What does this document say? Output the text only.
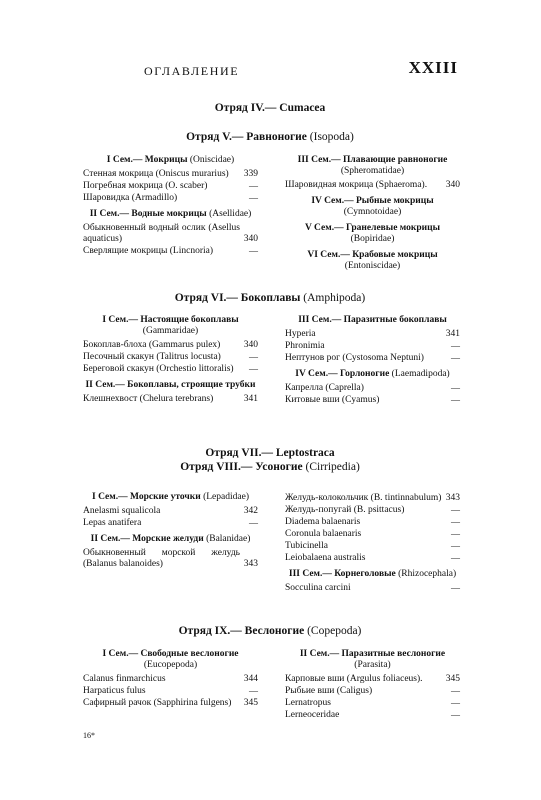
ОГЛАВЛЕНИЕ	XXIII
Отряд IV.— Cumacea
Отряд V.— Равноногие (Isopoda)
I Сем.— Мокрицы (Oniscidae)
Стенная мокрица (Oniscus murarius)	339
Погребная мокрица (O. scaber)	—
Шаровидка (Armadillo)	—
II Сем.— Водные мокрицы (Asellidae)
Обыкновенный водный ослик (Asellus aquaticus)	340
Сверлящие мокрицы (Lincnoria)	—
III Сем.— Плавающие равноногие (Spheromatidae)
Шаровидная мокрица (Sphaeroma).	340
IV Сем.— Рыбные мокрицы (Cymnotoidae)
V Сем.— Гранелевые мокрицы (Bopiridae)
VI Сем.— Крабовые мокрицы (Entoniscidae)
Отряд VI.— Бокоплавы (Amphipoda)
I Сем.— Настоящие бокоплавы (Gammaridae)
Бокоплав-блоха (Gammarus pulex)	340
Песочный скакун (Talitrus locusta)	—
Береговой скакун (Orchestio littoralis)	—
II Сем.— Бокоплавы, строящие трубки
Клешнехвост (Chelura terebrans)	341
III Сем.— Паразитные бокоплавы
Hyperia	341
Phronimia	—
Нептунов рог (Cystosoma Neptuni)	—
IV Сем.— Горлоногие (Laemadipoda)
Капрелла (Caprella)	—
Китовые вши (Cyamus)	—
Отряд VII.— Leptostraca
Отряд VIII.— Усоногие (Cirripedia)
I Сем.— Морские уточки (Lepadidae)
Anelasmi squalicola	342
Lepas anatifera	—
II Сем.— Морские желуди (Balanidae)
Обыкновенный морской желудь (Balanus balanoides)	343
Желудь-колокольчик (B. tintinnabulum) 343
Желудь-попугай (B. psittacus)	—
Diadema balaenaris	—
Coronula balaenaris	—
Tubicinella	—
Leiobalaena australis	—
III Сем.— Корнеголовые (Rhizocephala)
Socculina carcini	—
Отряд IX.— Веслоногие (Copepoda)
I Сем.— Свободные веслоногие (Eucopepoda)
Calanus finmarchicus	344
Harpaticus fulus	—
Сафирный рачок (Sapphirina fulgens)	345
II Сем.— Паразитные веслоногие (Parasita)
Карповые вши (Argulus foliaceus).	345
Рыбьие вши (Caligus)	—
Lernatropus	—
Lerneoceridae	—
16*
